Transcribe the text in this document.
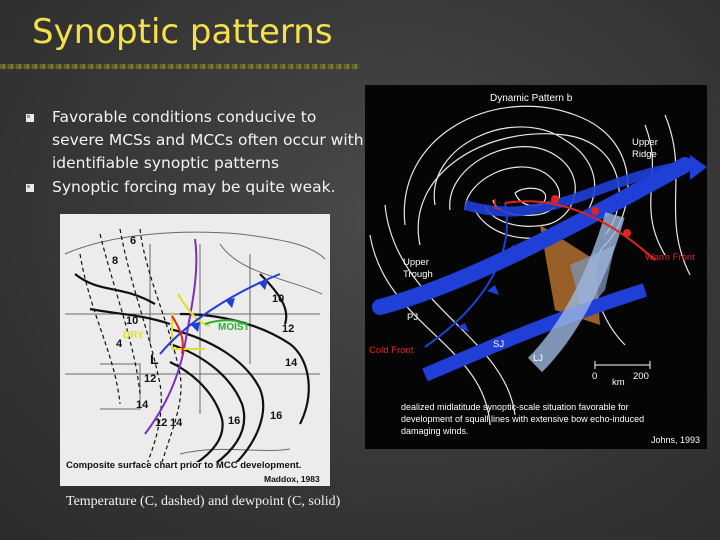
Synoptic patterns
Favorable conditions conducive to severe MCSs and MCCs often occur with identifiable synoptic patterns
Synoptic forcing may be quite weak.
Dynamic Pattern b
Upper
Ridge
Upper
Trough
L
Warm Front
Cold Front
PJ
SJ
LJ
0	200
km
dealized midlatitude synoptic-scale situation favorable for
development of squall lines with extensive bow echo-induced
damaging winds.
Johns, 1993
DRY
MOIST
L
6
8
10
12
4
14
12 14	16	16
10
12
14
Composite surface chart prior to MCC development.
Maddox, 1983
Temperature (C, dashed) and dewpoint (C, solid)
